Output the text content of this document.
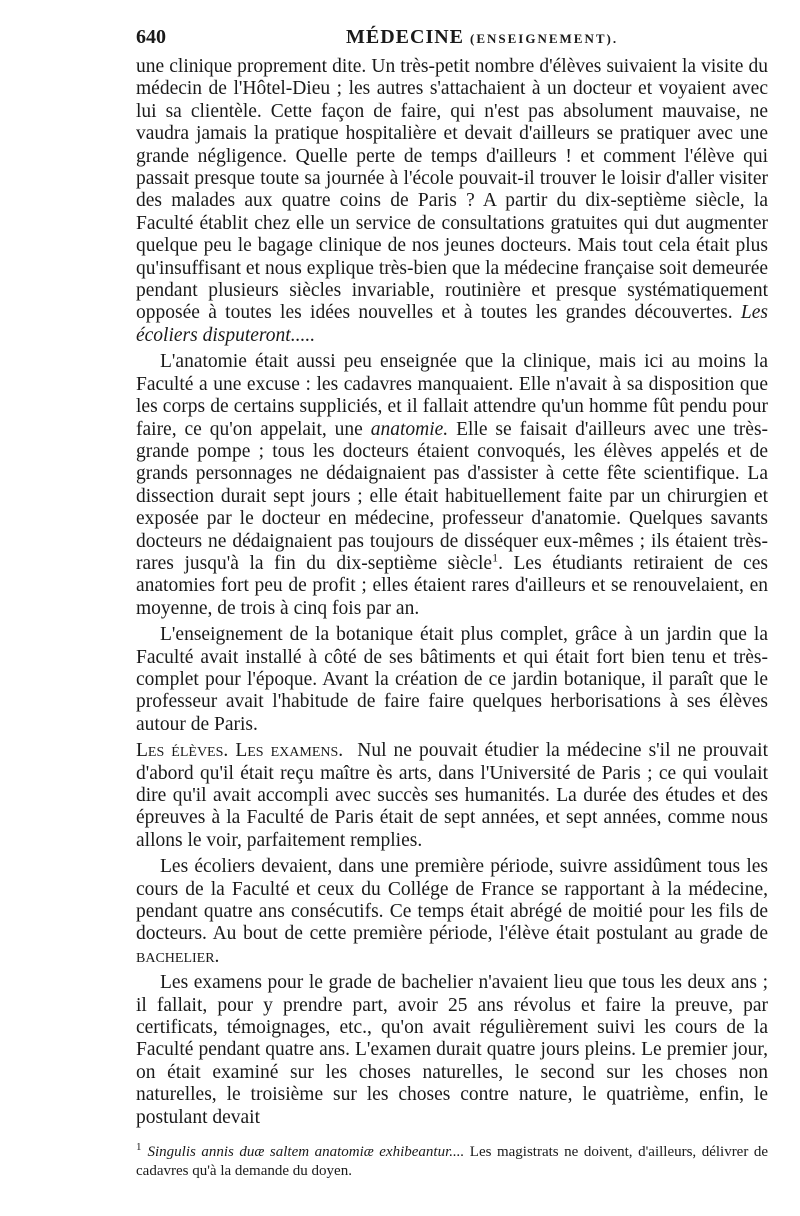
640	MÉDECINE (ENSEIGNEMENT).

une clinique proprement dite. Un très-petit nombre d'élèves suivaient la visite du médecin de l'Hôtel-Dieu ; les autres s'attachaient à un docteur et voyaient avec lui sa clientèle. Cette façon de faire, qui n'est pas absolument mauvaise, ne vaudra jamais la pratique hospitalière et devait d'ailleurs se pratiquer avec une grande négligence. Quelle perte de temps d'ailleurs ! et comment l'élève qui passait presque toute sa journée à l'école pouvait-il trouver le loisir d'aller visiter des malades aux quatre coins de Paris ? A partir du dix-septième siècle, la Faculté établit chez elle un service de consultations gratuites qui dut augmenter quelque peu le bagage clinique de nos jeunes docteurs. Mais tout cela était plus qu'insuffisant et nous explique très-bien que la médecine française soit demeurée pendant plusieurs siècles invariable, routinière et presque systématiquement opposée à toutes les idées nouvelles et à toutes les grandes découvertes. Les écoliers disputeront.....

L'anatomie était aussi peu enseignée que la clinique, mais ici au moins la Faculté a une excuse : les cadavres manquaient. Elle n'avait à sa disposition que les corps de certains suppliciés, et il fallait attendre qu'un homme fût pendu pour faire, ce qu'on appelait, une anatomie. Elle se faisait d'ailleurs avec une très-grande pompe ; tous les docteurs étaient convoqués, les élèves appelés et de grands personnages ne dédaignaient pas d'assister à cette fête scientifique. La dissection durait sept jours ; elle était habituellement faite par un chirurgien et exposée par le docteur en médecine, professeur d'anatomie. Quelques savants docteurs ne dédaignaient pas toujours de disséquer eux-mêmes ; ils étaient très-rares jusqu'à la fin du dix-septième siècle$^1$. Les étudiants retiraient de ces anatomies fort peu de profit ; elles étaient rares d'ailleurs et se renouvelaient, en moyenne, de trois à cinq fois par an.

L'enseignement de la botanique était plus complet, grâce à un jardin que la Faculté avait installé à côté de ses bâtiments et qui était fort bien tenu et très-complet pour l'époque. Avant la création de ce jardin botanique, il paraît que le professeur avait l'habitude de faire faire quelques herborisations à ses élèves autour de Paris.

Les élèves. Les examens. Nul ne pouvait étudier la médecine s'il ne prouvait d'abord qu'il était reçu maître ès arts, dans l'Université de Paris ; ce qui voulait dire qu'il avait accompli avec succès ses humanités. La durée des études et des épreuves à la Faculté de Paris était de sept années, et sept années, comme nous allons le voir, parfaitement remplies.

Les écoliers devaient, dans une première période, suivre assidûment tous les cours de la Faculté et ceux du Collége de France se rapportant à la médecine, pendant quatre ans consécutifs. Ce temps était abrégé de moitié pour les fils de docteurs. Au bout de cette première période, l'élève était postulant au grade de bachelier.

Les examens pour le grade de bachelier n'avaient lieu que tous les deux ans ; il fallait, pour y prendre part, avoir 25 ans révolus et faire la preuve, par certificats, témoignages, etc., qu'on avait régulièrement suivi les cours de la Faculté pendant quatre ans. L'examen durait quatre jours pleins. Le premier jour, on était examiné sur les choses naturelles, le second sur les choses non naturelles, le troisième sur les choses contre nature, le quatrième, enfin, le postulant devait

$^1$ Singulis annis duæ saltem anatomiæ exhibeantur.... Les magistrats ne doivent, d'ailleurs, délivrer de cadavres qu'à la demande du doyen.
